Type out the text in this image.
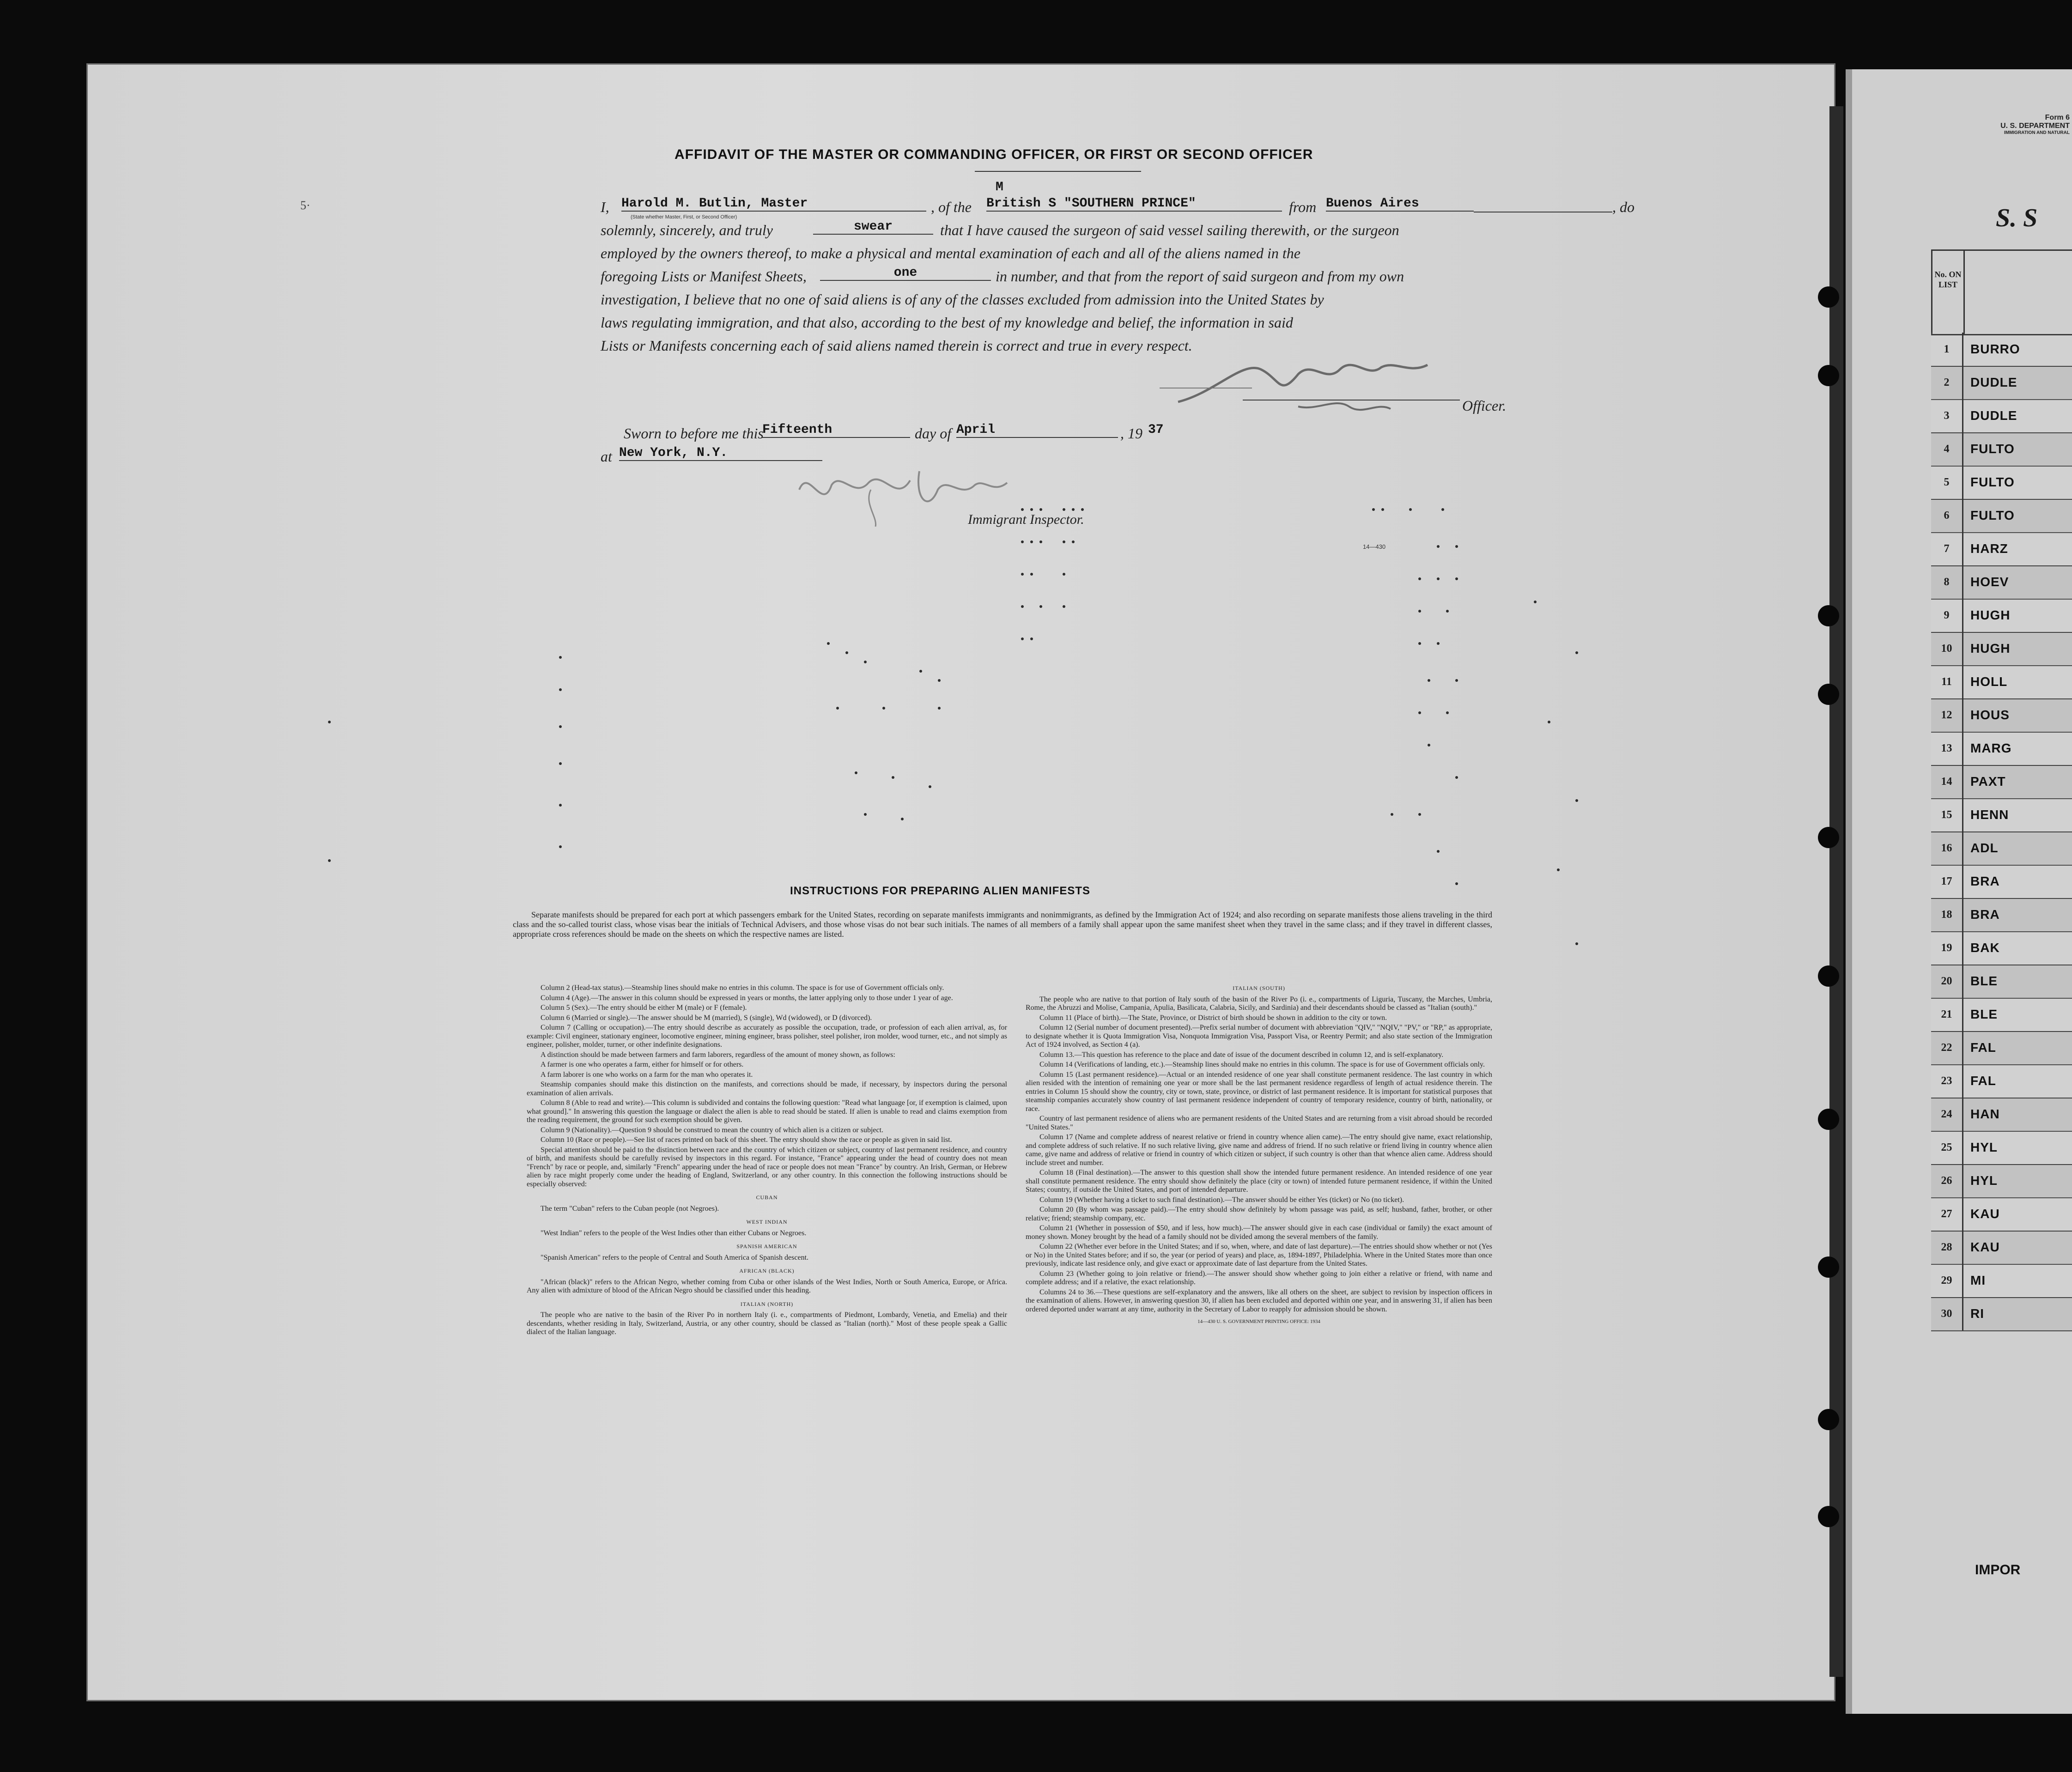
AFFIDAVIT OF THE MASTER OR COMMANDING OFFICER, OR FIRST OR SECOND OFFICER
5·
M
I, Harold M. Butlin, Master
(State whether Master, First, or Second Officer)
, of the British S "SOUTHERN PRINCE"	from Buenos Aires	, do
solemnly, sincerely, and truly	swear	that I have caused the surgeon of said vessel sailing therewith, or the surgeon
employed by the owners thereof, to make a physical and mental examination of each and all of the aliens named in the
foregoing Lists or Manifest Sheets,	one	in number, and that from the report of said surgeon and from my own
investigation, I believe that no one of said aliens is of any of the classes excluded from admission into the United States by
laws regulating immigration, and that also, according to the best of my knowledge and belief, the information in said
Lists or Manifests concerning each of said aliens named therein is correct and true in every respect.
Officer.
Sworn to before me this
Fifteenth	day of April	, 19 37
at New York, N.Y.
Immigrant Inspector.
14—430
INSTRUCTIONS FOR PREPARING ALIEN MANIFESTS
Separate manifests should be prepared for each port at which passengers embark for the United States, recording on separate manifests immigrants and nonimmigrants, as defined by the Immigration Act of 1924; and also recording on separate manifests those aliens traveling in the third class and the so-called tourist class, whose visas bear the initials of Technical Advisers, and those whose visas do not bear such initials. The names of all members of a family shall appear upon the same manifest sheet when they travel in the same class; and if they travel in different classes, appropriate cross references should be made on the sheets on which the respective names are listed.

Column 2 (Head-tax status).—Steamship lines should make no entries in this column. The space is for use of Government officials only.

Column 4 (Age).—The answer in this column should be expressed in years or months, the latter applying only to those under 1 year of age.

Column 5 (Sex).—The entry should be either M (male) or F (female).

Column 6 (Married or single).—The answer should be M (married), S (single), Wd (widowed), or D (divorced).

Column 7 (Calling or occupation).—The entry should describe as accurately as possible the occupation, trade, or profession of each alien arrival, as, for example: Civil engineer, stationary engineer, locomotive engineer, mining engineer, brass polisher, steel polisher, iron molder, wood turner, etc., and not simply as engineer, polisher, molder, turner, or other indefinite designations.

A distinction should be made between farmers and farm laborers, regardless of the amount of money shown, as follows:

A farmer is one who operates a farm, either for himself or for others.

A farm laborer is one who works on a farm for the man who operates it.

Steamship companies should make this distinction on the manifests, and corrections should be made, if necessary, by inspectors during the personal examination of alien arrivals.

Column 8 (Able to read and write).—This column is subdivided and contains the following question: "Read what language [or, if exemption is claimed, upon what ground]." In answering this question the language or dialect the alien is able to read should be stated. If alien is unable to read and claims exemption from the reading requirement, the ground for such exemption should be given.

Column 9 (Nationality).—Question 9 should be construed to mean the country of which alien is a citizen or subject.

Column 10 (Race or people).—See list of races printed on back of this sheet. The entry should show the race or people as given in said list.

Special attention should be paid to the distinction between race and the country of which citizen or subject, country of last permanent residence, and country of birth, and manifests should be carefully revised by inspectors in this regard. For instance, "France" appearing under the head of country does not mean "French" by race or people, and, similarly "French" appearing under the head of race or people does not mean "France" by country. An Irish, German, or Hebrew alien by race might properly come under the heading of England, Switzerland, or any other country. In this connection the following instructions should be especially observed:

CUBAN

The term "Cuban" refers to the Cuban people (not Negroes).

WEST INDIAN

"West Indian" refers to the people of the West Indies other than either Cubans or Negroes.

SPANISH AMERICAN

"Spanish American" refers to the people of Central and South America of Spanish descent.

AFRICAN (BLACK)

"African (black)" refers to the African Negro, whether coming from Cuba or other islands of the West Indies, North or South America, Europe, or Africa. Any alien with admixture of blood of the African Negro should be classified under this heading.

ITALIAN (NORTH)

The people who are native to the basin of the River Po in northern Italy (i. e., compartments of Piedmont, Lombardy, Venetia, and Emelia) and their descendants, whether residing in Italy, Switzerland, Austria, or any other country, should be classed as "Italian (north)." Most of these people speak a Gallic dialect of the Italian language.

ITALIAN (SOUTH)

The people who are native to that portion of Italy south of the basin of the River Po (i. e., compartments of Liguria, Tuscany, the Marches, Umbria, Rome, the Abruzzi and Molise, Campania, Apulia, Basilicata, Calabria, Sicily, and Sardinia) and their descendants should be classed as "Italian (south)."

Column 11 (Place of birth).—The State, Province, or District of birth should be shown in addition to the city or town.

Column 12 (Serial number of document presented).—Prefix serial number of document with abbreviation "QIV," "NQIV," "PV," or "RP," as appropriate, to designate whether it is Quota Immigration Visa, Nonquota Immigration Visa, Passport Visa, or Reentry Permit; and also state section of the Immigration Act of 1924 involved, as Section 4 (a).

Column 13.—This question has reference to the place and date of issue of the document described in column 12, and is self-explanatory.

Column 14 (Verifications of landing, etc.).—Steamship lines should make no entries in this column. The space is for use of Government officials only.

Column 15 (Last permanent residence).—Actual or an intended residence of one year shall constitute permanent residence. The last country in which alien resided with the intention of remaining one year or more shall be the last permanent residence regardless of length of actual residence therein. The entries in Column 15 should show the country, city or town, state, province, or district of last permanent residence. It is important for statistical purposes that steamship companies accurately show country of last permanent residence independent of country of temporary residence, country of birth, nationality, or race.

Country of last permanent residence of aliens who are permanent residents of the United States and are returning from a visit abroad should be recorded "United States."

Column 17 (Name and complete address of nearest relative or friend in country whence alien came).—The entry should give name, exact relationship, and complete address of such relative. If no such relative living, give name and address of friend. If no such relative or friend living in country whence alien came, give name and address of relative or friend in country of which citizen or subject, if such country is other than that whence alien came. Address should include street and number.

Column 18 (Final destination).—The answer to this question shall show the intended future permanent residence. An intended residence of one year shall constitute permanent residence. The entry should show definitely the place (city or town) of intended future permanent residence, if within the United States; country, if outside the United States, and port of intended departure.

Column 19 (Whether having a ticket to such final destination).—The answer should be either Yes (ticket) or No (no ticket).

Column 20 (By whom was passage paid).—The entry should show definitely by whom passage was paid, as self; husband, father, brother, or other relative; friend; steamship company, etc.

Column 21 (Whether in possession of $50, and if less, how much).—The answer should give in each case (individual or family) the exact amount of money shown. Money brought by the head of a family should not be divided among the several members of the family.

Column 22 (Whether ever before in the United States; and if so, when, where, and date of last departure).—The entries should show whether or not (Yes or No) in the United States before; and if so, the year (or period of years) and place, as, 1894-1897, Philadelphia. Where in the United States more than once previously, indicate last residence only, and give exact or approximate date of last departure from the United States.

Column 23 (Whether going to join relative or friend).—The answer should show whether going to join either a relative or friend, with name and complete address; and if a relative, the exact relationship.

Columns 24 to 36.—These questions are self-explanatory and the answers, like all others on the sheet, are subject to revision by inspection officers in the examination of aliens. However, in answering question 30, if alien has been excluded and deported within one year, and in answering 31, if alien has been ordered deported under warrant at any time, authority in the Secretary of Labor to reapply for admission should be shown.

14—430 U. S. GOVERNMENT PRINTING OFFICE: 1934

Form 6
U. S. DEPARTMENT
IMMIGRATION AND NATURAL
S. S
No. ON LIST
1	BURRO
2	DUDLE
3	DUDLE
4	FULTO
5	FULTO
6	FULTO
7	HARZ
8	HOEV
9	HUGH
10	HUGH
11	HOLL
12	HOUS
13	MARG
14	PAXT
15	HENN
16	ADL
17	BRA
18	BRA
19	BAK
20	BLE
21	BLE
22	FAL
23	FAL
24	HAN
25	HYL
26	HYL
27	KAU
28	KAU
29	MI
30	RI
IMPOR
